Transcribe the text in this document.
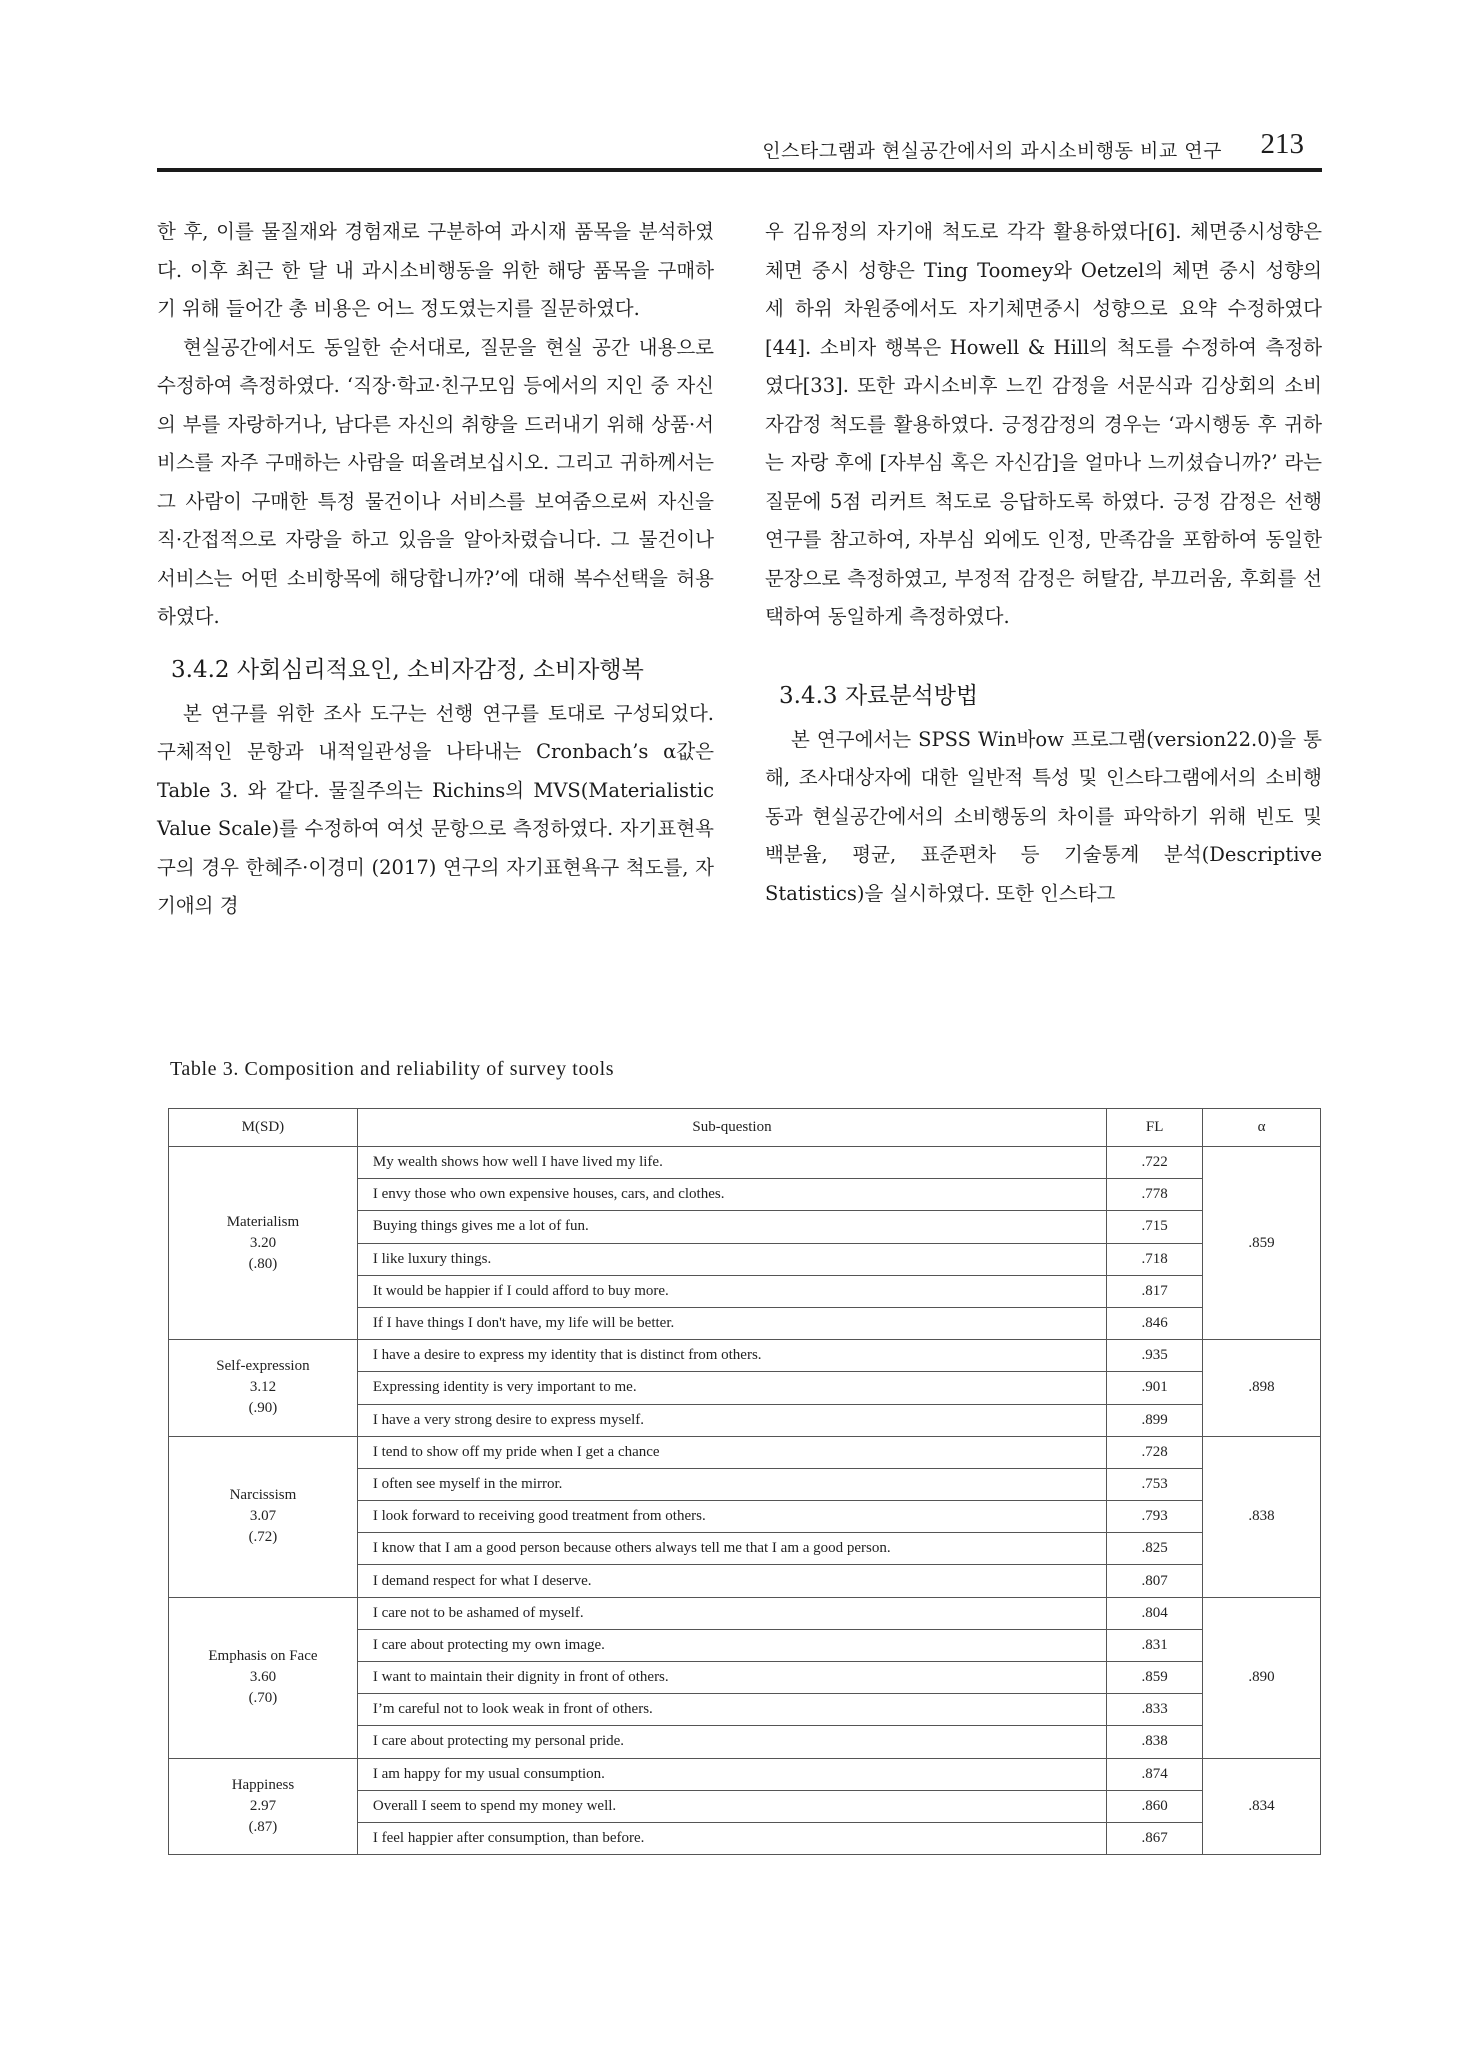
인스타그램과 현실공간에서의 과시소비행동 비교 연구 213

한 후, 이를 물질재와 경험재로 구분하여 과시재 품목을 분석하였다. 이후 최근 한 달 내 과시소비행동을 위한 해당 품목을 구매하기 위해 들어간 총 비용은 어느 정도였는지를 질문하였다.

현실공간에서도 동일한 순서대로, 질문을 현실 공간 내용으로 수정하여 측정하였다. ‘직장·학교·친구모임 등에서의 지인 중 자신의 부를 자랑하거나, 남다른 자신의 취향을 드러내기 위해 상품·서비스를 자주 구매하는 사람을 떠올려보십시오. 그리고 귀하께서는 그 사람이 구매한 특정 물건이나 서비스를 보여줌으로써 자신을 직·간접적으로 자랑을 하고 있음을 알아차렸습니다. 그 물건이나 서비스는 어떤 소비항목에 해당합니까?’에 대해 복수선택을 허용하였다.

3.4.2 사회심리적요인, 소비자감정, 소비자행복

본 연구를 위한 조사 도구는 선행 연구를 토대로 구성되었다. 구체적인 문항과 내적일관성을 나타내는 Cronbach’s α값은 Table 3. 와 같다. 물질주의는 Richins의 MVS(Materialistic Value Scale)를 수정하여 여섯 문항으로 측정하였다. 자기표현욕구의 경우 한혜주·이경미 (2017) 연구의 자기표현욕구 척도를, 자기애의 경

우 김유정의 자기애 척도로 각각 활용하였다[6]. 체면중시성향은 체면 중시 성향은 Ting Toomey와 Oetzel의 체면 중시 성향의 세 하위 차원중에서도 자기체면중시 성향으로 요약 수정하였다[44]. 소비자 행복은 Howell & Hill의 척도를 수정하여 측정하였다[33]. 또한 과시소비후 느낀 감정을 서문식과 김상회의 소비자감정 척도를 활용하였다. 긍정감정의 경우는 ‘과시행동 후 귀하는 자랑 후에 [자부심 혹은 자신감]을 얼마나 느끼셨습니까?’ 라는 질문에 5점 리커트 척도로 응답하도록 하였다. 긍정 감정은 선행연구를 참고하여, 자부심 외에도 인정, 만족감을 포함하여 동일한 문장으로 측정하였고, 부정적 감정은 허탈감, 부끄러움, 후회를 선택하여 동일하게 측정하였다.

3.4.3 자료분석방법

본 연구에서는 SPSS Win바ow 프로그램(version22.0)을 통해, 조사대상자에 대한 일반적 특성 및 인스타그램에서의 소비행동과 현실공간에서의 소비행동의 차이를 파악하기 위해 빈도 및 백분율, 평균, 표준편차 등 기술통계 분석(Descriptive Statistics)을 실시하였다. 또한 인스타그

Table 3. Composition and reliability of survey tools
M(SD)	Sub-question	FL	α

Materialism
3.20
(.80)	My wealth shows how well I have lived my life.	.722	.859
	I envy those who own expensive houses, cars, and clothes.	.778	
	Buying things gives me a lot of fun.	.715	
	I like luxury things.	.718	
	It would be happier if I could afford to buy more.	.817	
	If I have things I don't have, my life will be better.	.846	

Self-expression
3.12
(.90)	I have a desire to express my identity that is distinct from others.	.935	.898
	Expressing identity is very important to me.	.901	
	I have a very strong desire to express myself.	.899	

Narcissism
3.07
(.72)	I tend to show off my pride when I get a chance	.728	.838
	I often see myself in the mirror.	.753	
	I look forward to receiving good treatment from others.	.793	
	I know that I am a good person because others always tell me that I am a good person.	.825	
	I demand respect for what I deserve.	.807	

Emphasis on Face
3.60
(.70)	I care not to be ashamed of myself.	.804	.890
	I care about protecting my own image.	.831	
	I want to maintain their dignity in front of others.	.859	
	I’m careful not to look weak in front of others.	.833	
	I care about protecting my personal pride.	.838	

Happiness
2.97
(.87)	I am happy for my usual consumption.	.874	.834
	Overall I seem to spend my money well.	.860	
	I feel happier after consumption, than before.	.867	
